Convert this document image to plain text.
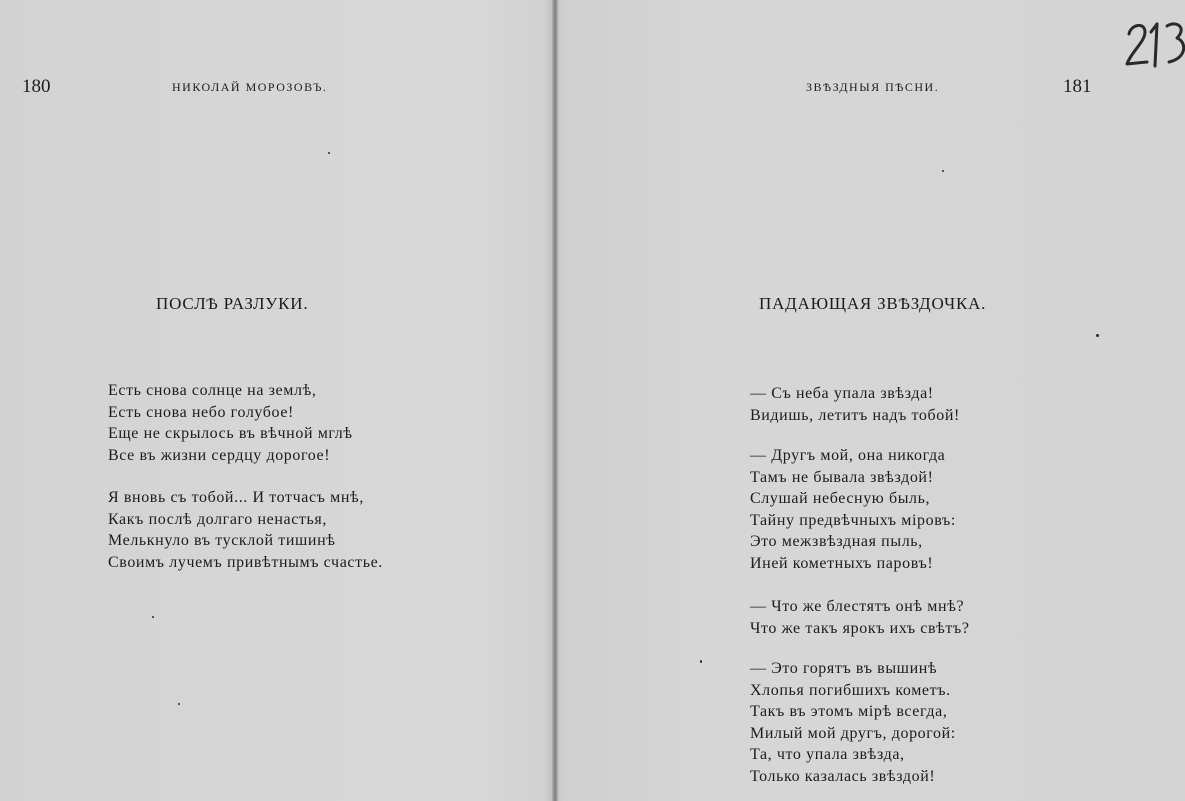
180	НИКОЛАЙ МОРОЗОВЪ.
ПОСЛѢ РАЗЛУКИ.
Есть снова солнце на землѣ,
Есть снова небо голубое!
Еще не скрылось въ вѣчной мглѣ
Все въ жизни сердцу дорогое!
Я вновь съ тобой... И тотчасъ мнѣ,
Какъ послѣ долгаго ненастья,
Мелькнуло въ тусклой тишинѣ
Своимъ лучемъ привѣтнымъ счастье.
ЗВѢЗДНЫЯ ПѢСНИ.	181
ПАДАЮЩАЯ ЗВѢЗДОЧКА.
— Съ неба упала звѣзда!
Видишь, летитъ надъ тобой!
— Другъ мой, она никогда
Тамъ не бывала звѣздой!
Слушай небесную быль,
Тайну предвѣчныхъ міровъ:
Это межзвѣздная пыль,
Иней кометныхъ паровъ!
— Что же блестятъ онѣ мнѣ?
Что же такъ ярокъ ихъ свѣтъ?
— Это горятъ въ вышинѣ
Хлопья погибшихъ кометъ.
Такъ въ этомъ мірѣ всегда,
Милый мой другъ, дорогой:
Та, что упала звѣзда,
Только казалась звѣздой!
